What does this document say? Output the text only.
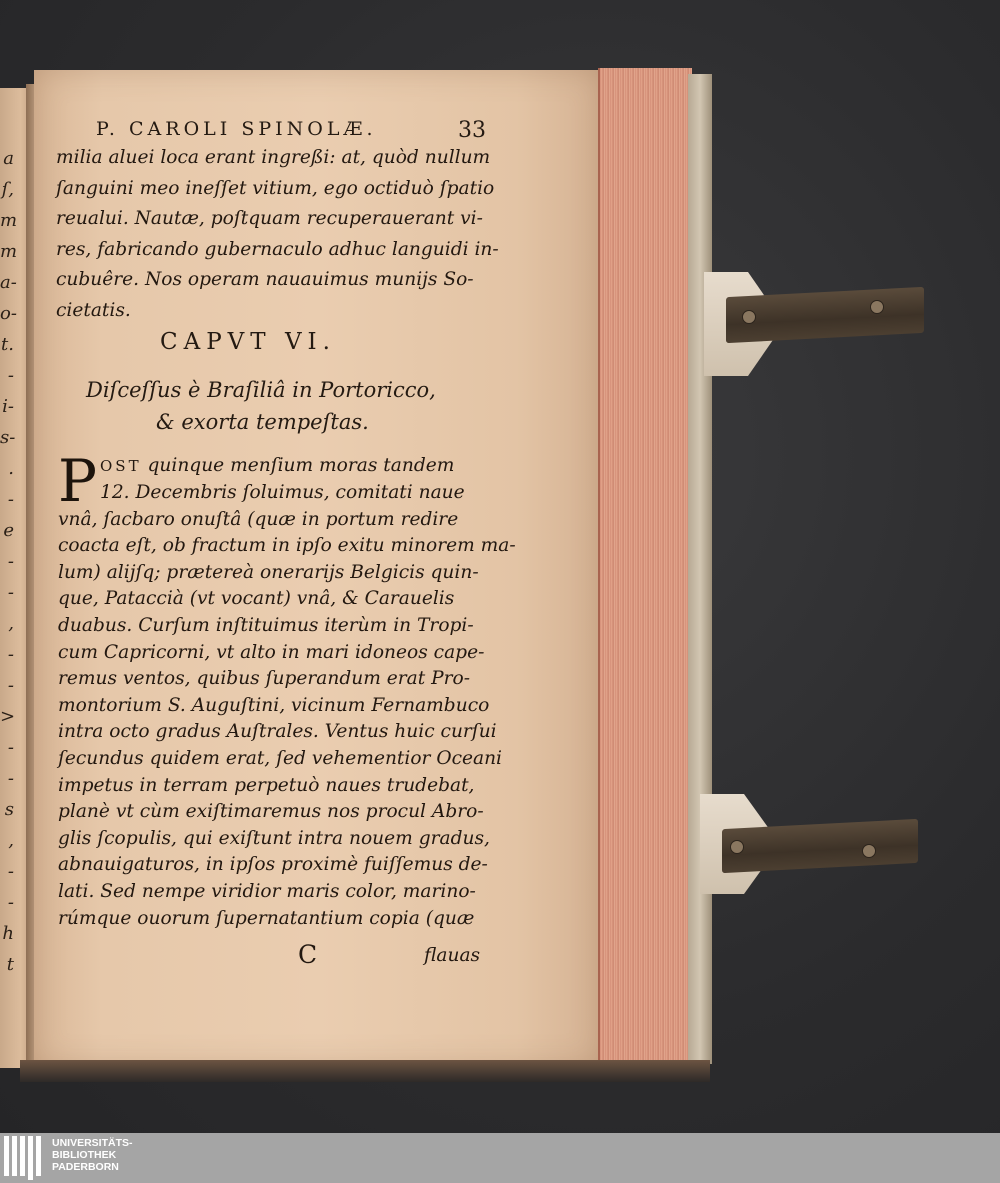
a
ſ,
m
m
a-
o-
t.
-
i-
s-
.
-
e
-
-
,
-
-
>
-
-
s
,
-
-
h
t
P. CAROLI SPINOLÆ.	33
milia aluei loca erant ingreßi: at, quòd nullum
ſanguini meo ineſſet vitium, ego octiduò ſpatio
reualui. Nautæ, poſtquam recuperauerant vi-
res, fabricando gubernaculo adhuc languidi in-
cubuêre. Nos operam nauauimus munijs So-
cietatis.
CAPVT VI.
Diſceſſus è Braſiliâ in Portoricco,
& exorta tempeſtas.
P OST quinque menſium moras tandem
12. Decembris ſoluimus, comitati naue
vnâ, ſacbaro onuſtâ (quæ in portum redire
coacta eſt, ob fractum in ipſo exitu minorem ma-
lum) alijſq; prætereà onerarijs Belgicis quin-
que, Pataccià (vt vocant) vnâ, & Carauelis
duabus. Curſum inſtituimus iterùm in Tropi-
cum Capricorni, vt alto in mari idoneos cape-
remus ventos, quibus ſuperandum erat Pro-
montorium S. Auguſtini, vicinum Fernambuco
intra octo gradus Auſtrales. Ventus huic curſui
ſecundus quidem erat, ſed vehementior Oceani
impetus in terram perpetuò naues trudebat,
planè vt cùm exiſtimaremus nos procul Abro-
glis ſcopulis, qui exiſtunt intra nouem gradus,
abnauigaturos, in ipſos proximè fuiſſemus de-
lati. Sed nempe viridior maris color, marino-
rúmque ouorum ſupernatantium copia (quæ
C	flauas
UNIVERSITÄTS-
BIBLIOTHEK
PADERBORN
